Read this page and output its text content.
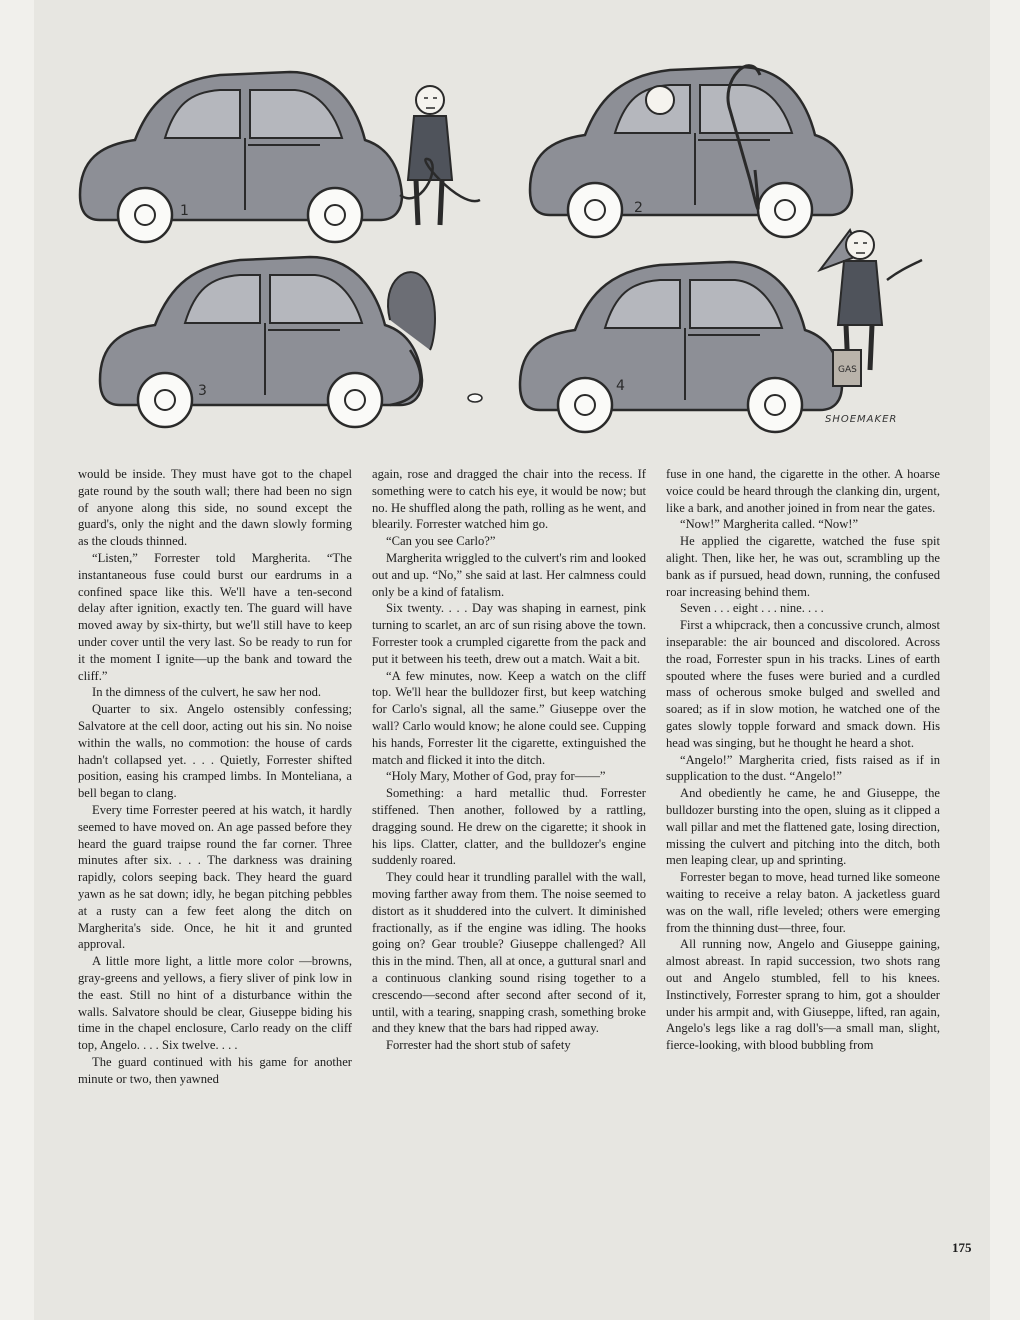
1	2
3
GAS
4
SHOEMAKER

would be inside. They must have got to the chapel gate round by the south wall; there had been no sign of anyone along this side, no sound except the guard's, only the night and the dawn slowly forming as the clouds thinned.

“Listen,” Forrester told Margherita. “The instantaneous fuse could burst our eardrums in a confined space like this. We'll have a ten-second delay after ignition, exactly ten. The guard will have moved away by six-thirty, but we'll still have to keep under cover until the very last. So be ready to run for it the moment I ignite—up the bank and toward the cliff.”

In the dimness of the culvert, he saw her nod.

Quarter to six. Angelo ostensibly confessing; Salvatore at the cell door, acting out his sin. No noise within the walls, no commotion: the house of cards hadn't collapsed yet. . . . Quietly, Forrester shifted position, easing his cramped limbs. In Monteliana, a bell began to clang.

Every time Forrester peered at his watch, it hardly seemed to have moved on. An age passed before they heard the guard traipse round the far corner. Three minutes after six. . . . The darkness was draining rapidly, colors seeping back. They heard the guard yawn as he sat down; idly, he began pitching pebbles at a rusty can a few feet along the ditch on Margherita's side. Once, he hit it and grunted approval.

A little more light, a little more color —browns, gray-greens and yellows, a fiery sliver of pink low in the east. Still no hint of a disturbance within the walls. Salvatore should be clear, Giuseppe biding his time in the chapel enclosure, Carlo ready on the cliff top, Angelo. . . . Six twelve. . . .

The guard continued with his game for another minute or two, then yawned

again, rose and dragged the chair into the recess. If something were to catch his eye, it would be now; but no. He shuffled along the path, rolling as he went, and blearily. Forrester watched him go.

“Can you see Carlo?”

Margherita wriggled to the culvert's rim and looked out and up. “No,” she said at last. Her calmness could only be a kind of fatalism.

Six twenty. . . . Day was shaping in earnest, pink turning to scarlet, an arc of sun rising above the town. Forrester took a crumpled cigarette from the pack and put it between his teeth, drew out a match. Wait a bit.

“A few minutes, now. Keep a watch on the cliff top. We'll hear the bulldozer first, but keep watching for Carlo's signal, all the same.” Giuseppe over the wall? Carlo would know; he alone could see. Cupping his hands, Forrester lit the cigarette, extinguished the match and flicked it into the ditch.

“Holy Mary, Mother of God, pray for——”

Something: a hard metallic thud. Forrester stiffened. Then another, followed by a rattling, dragging sound. He drew on the cigarette; it shook in his lips. Clatter, clatter, and the bulldozer's engine suddenly roared.

They could hear it trundling parallel with the wall, moving farther away from them. The noise seemed to distort as it shuddered into the culvert. It diminished fractionally, as if the engine was idling. The hooks going on? Gear trouble? Giuseppe challenged? All this in the mind. Then, all at once, a guttural snarl and a continuous clanking sound rising together to a crescendo—second after second after second of it, until, with a tearing, snapping crash, something broke and they knew that the bars had ripped away.

Forrester had the short stub of safety

fuse in one hand, the cigarette in the other. A hoarse voice could be heard through the clanking din, urgent, like a bark, and another joined in from near the gates.

“Now!” Margherita called. “Now!”

He applied the cigarette, watched the fuse spit alight. Then, like her, he was out, scrambling up the bank as if pursued, head down, running, the confused roar increasing behind them.

Seven . . . eight . . . nine. . . .

First a whipcrack, then a concussive crunch, almost inseparable: the air bounced and discolored. Across the road, Forrester spun in his tracks. Lines of earth spouted where the fuses were buried and a curdled mass of ocherous smoke bulged and swelled and soared; as if in slow motion, he watched one of the gates slowly topple forward and smack down. His head was singing, but he thought he heard a shot.

“Angelo!” Margherita cried, fists raised as if in supplication to the dust. “Angelo!”

And obediently he came, he and Giuseppe, the bulldozer bursting into the open, sluing as it clipped a wall pillar and met the flattened gate, losing direction, missing the culvert and pitching into the ditch, both men leaping clear, up and sprinting.

Forrester began to move, head turned like someone waiting to receive a relay baton. A jacketless guard was on the wall, rifle leveled; others were emerging from the thinning dust—three, four.

All running now, Angelo and Giuseppe gaining, almost abreast. In rapid succession, two shots rang out and Angelo stumbled, fell to his knees. Instinctively, Forrester sprang to him, got a shoulder under his armpit and, with Giuseppe, lifted, ran again, Angelo's legs like a rag doll's—a small man, slight, fierce-looking, with blood bubbling from

175
